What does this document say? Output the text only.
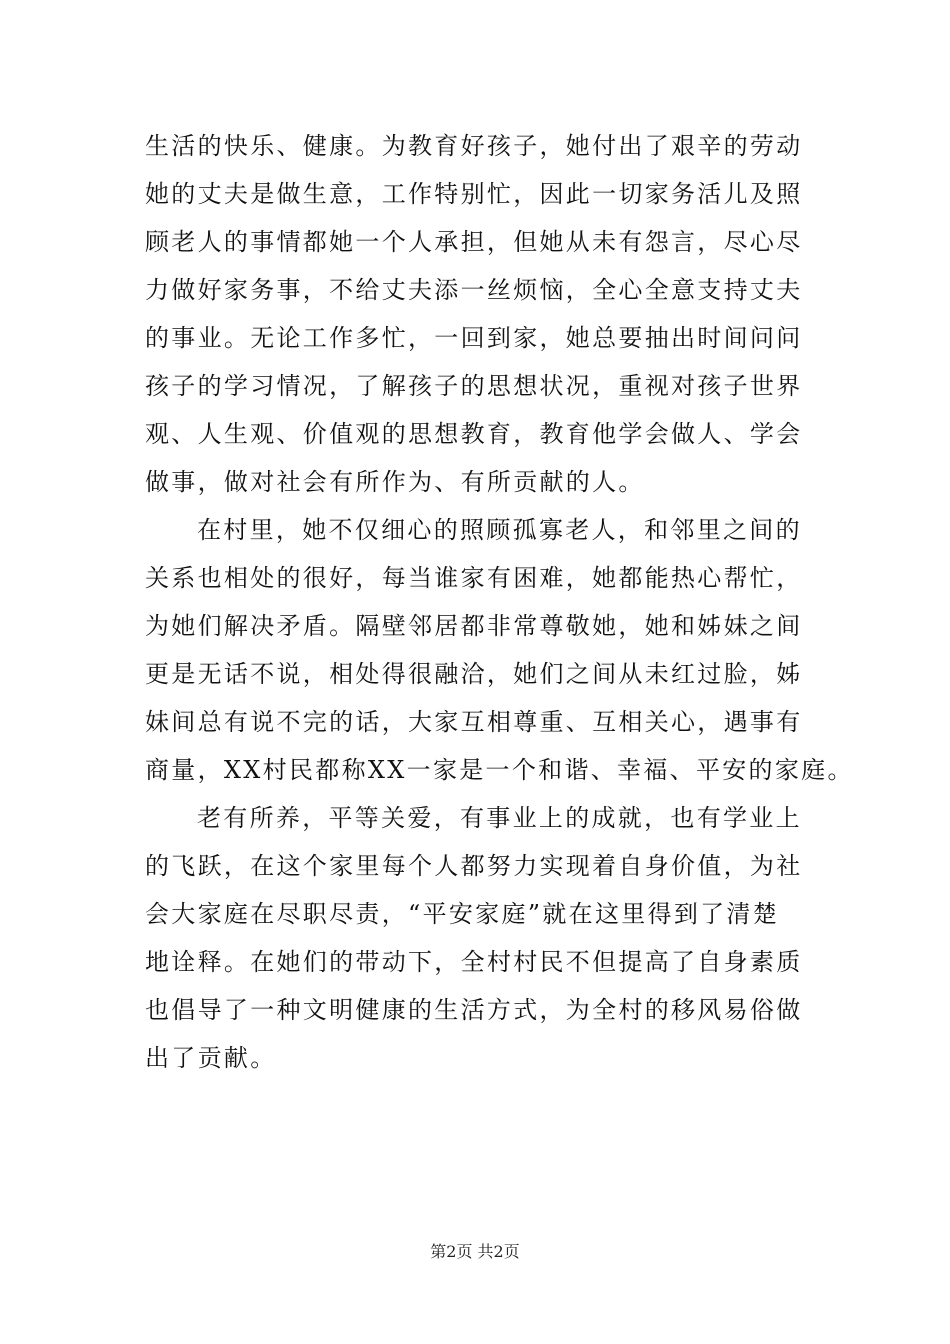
生活的快乐、健康。为教育好孩子，她付出了艰辛的劳动
她的丈夫是做生意，工作特别忙，因此一切家务活儿及照
顾老人的事情都她一个人承担，但她从未有怨言，尽心尽
力做好家务事，不给丈夫添一丝烦恼，全心全意支持丈夫
的事业。无论工作多忙，一回到家，她总要抽出时间问问
孩子的学习情况，了解孩子的思想状况，重视对孩子世界
观、人生观、价值观的思想教育，教育他学会做人、学会
做事，做对社会有所作为、有所贡献的人。
在村里，她不仅细心的照顾孤寡老人，和邻里之间的
关系也相处的很好，每当谁家有困难，她都能热心帮忙，
为她们解决矛盾。隔壁邻居都非常尊敬她，她和姊妹之间
更是无话不说，相处得很融洽，她们之间从未红过脸，姊
妹间总有说不完的话，大家互相尊重、互相关心，遇事有
商量，XX村民都称XX一家是一个和谐、幸福、平安的家庭。
老有所养，平等关爱，有事业上的成就，也有学业上
的飞跃，在这个家里每个人都努力实现着自身价值，为社
会大家庭在尽职尽责，“平安家庭”就在这里得到了清楚
地诠释。在她们的带动下，全村村民不但提高了自身素质
也倡导了一种文明健康的生活方式，为全村的移风易俗做
出了贡献。
第2页 共2页
